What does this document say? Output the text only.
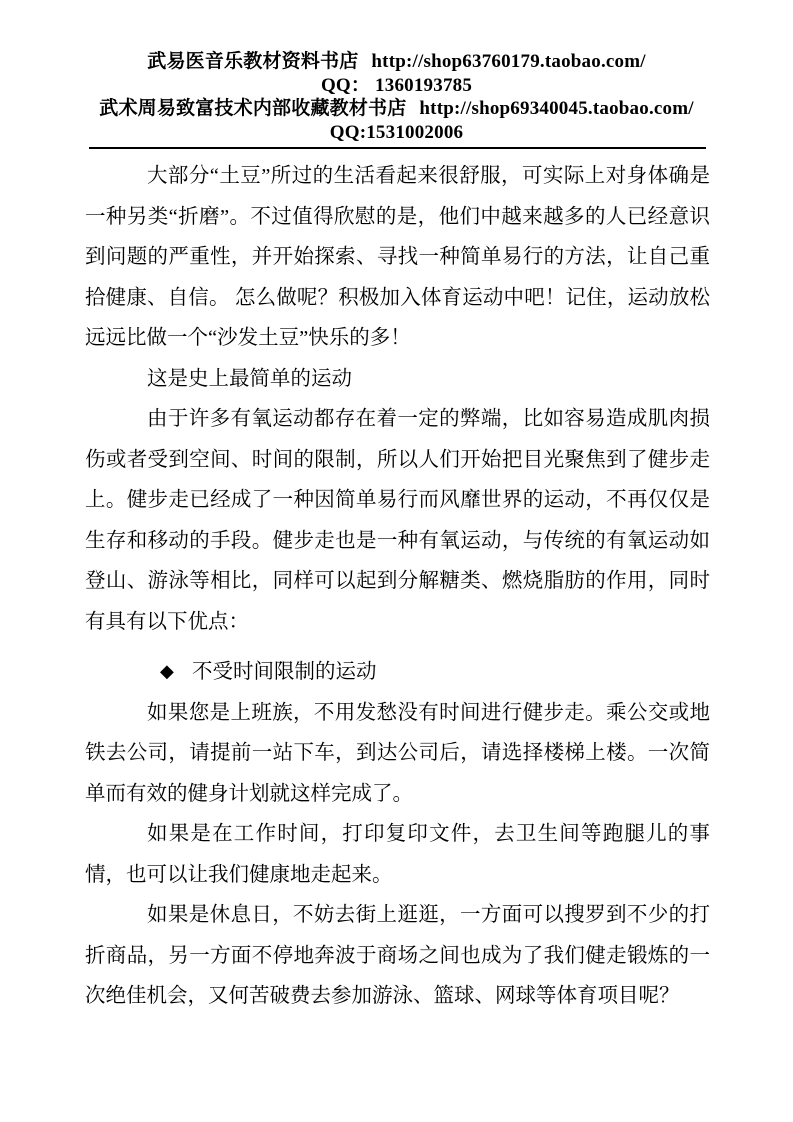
武易医音乐教材资料书店 http://shop63760179.taobao.com/
QQ： 1360193785
武术周易致富技术内部收藏教材书店 http://shop69340045.taobao.com/
QQ:1531002006

大部分“土豆”所过的生活看起来很舒服，可实际上对身体确是一种另类“折磨”。不过值得欣慰的是，他们中越来越多的人已经意识到问题的严重性，并开始探索、寻找一种简单易行的方法，让自己重拾健康、自信。 怎么做呢？积极加入体育运动中吧！记住，运动放松远远比做一个“沙发土豆”快乐的多！

这是史上最简单的运动

由于许多有氧运动都存在着一定的弊端，比如容易造成肌肉损伤或者受到空间、时间的限制，所以人们开始把目光聚焦到了健步走上。健步走已经成了一种因简单易行而风靡世界的运动，不再仅仅是生存和移动的手段。健步走也是一种有氧运动，与传统的有氧运动如登山、游泳等相比，同样可以起到分解糖类、燃烧脂肪的作用，同时有具有以下优点：

◆ 不受时间限制的运动

如果您是上班族，不用发愁没有时间进行健步走。乘公交或地铁去公司，请提前一站下车，到达公司后，请选择楼梯上楼。一次简单而有效的健身计划就这样完成了。

如果是在工作时间，打印复印文件，去卫生间等跑腿儿的事情，也可以让我们健康地走起来。

如果是休息日，不妨去街上逛逛，一方面可以搜罗到不少的打折商品，另一方面不停地奔波于商场之间也成为了我们健走锻炼的一次绝佳机会，又何苦破费去参加游泳、篮球、网球等体育项目呢？
